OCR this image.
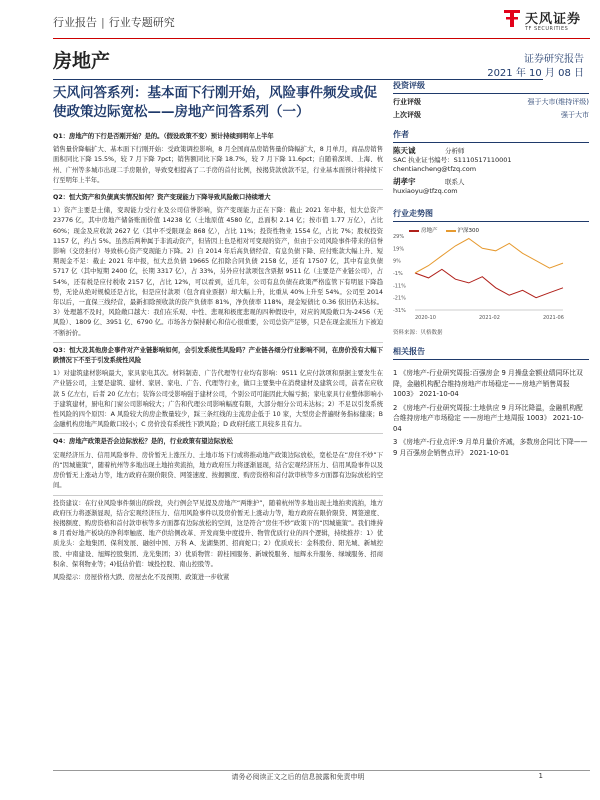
行业报告 | 行业专题研究	天风证券
TF SECURITIES
房地产	证券研究报告
2021 年 10 月 08 日
天风问答系列：基本面下行刚开始，风险事件频发或促使政策边际宽松——房地产问答系列（一）

Q1：房地产的下行是否刚开始？是的。（假设政策不变）预计持续到明年上半年

销售量价降幅扩大、基本面下行刚开始：受政策调控影响，8 月全国商品房销售量价降幅扩大，8 月单月，商品房销售面积同比下降 15.5%，较 7 月下降 7pct；销售额同比下降 18.7%，较 7 月下降 11.6pct；自随着深圳、上海、杭州、广州等多城市出现二手房限价，导致变相提高了二手房的首付比例，按揭贷款放款不足，行业基本面预计将持续下行至明年上半年。

Q2：恒大资产和负债真实情况如何？资产变现能力下降导致风险敞口持续增大

1）资产主要是土储，变现能力受行业及公司信誉影响，资产变现能力正在下降：截止 2021 年中报，恒大总资产 23776 亿，其中房地产储备账面价值 14238 亿（土地原值 4580 亿，总面积 2.14 亿；按市值 1.77 万亿），占比 60%；现金及应收款 2627 亿（其中不受限现金 868 亿），占比 11%；投资性物业 1554 亿，占比 7%；股权投资 1157 亿，约占 5%。虽然后两种属于非流动资产，但皆因上也是相对可变现的资产，但由于公司风险事件带来的信誉影响（交房拒付）导致核心资产变现能力下降。2）自 2014 年后高负债经营、有息负债下降、应付账款大幅上升、短期现金不足：截止 2021 年中报，恒大总负债 19665 亿扣除合同负债 2158 亿，还有 17507 亿，其中有息负债 5717 亿（其中短期 2400 亿，长期 3317 亿），占 33%，另外应付款项包含票据 9511 亿（主要是产业链公司），占 54%，还有税是应付税收 2157 亿，占比 12%，可以看到，近几年，公司有息负债在政策严格监管下有明显下降趋势，无论从绝对规模还是占比，但是应付款项（包含商业票据）却大幅上升，比重从 40%上升至 54%。公司至 2014 年以后，一直保三线经营，最新扣除预收款的资产负债率 81%，净负债率 118%，现金短债比 0.36 依旧仍未达标。3）处理越不及时，风险敞口越大：我们在乐观、中性、悲观和极度悲观的四种假设中，对应的风险敞口为-2456（无风险）、1809 亿、3951 亿、6790 亿。市场各方保持耐心和信心很重要，公司总资产足够，只是在现金流压力下被迫不断折价。

Q3：恒大及其他房企事件对产业链影响如何，会引发系统性风险吗？产业链各细分行业影响不同，在房价没有大幅下跌情况下不至于引发系统性风险

1）对建筑建材影响最大，家具家电其次。材料制造、广告代理等行业均有影响：9511 亿应付款项和票据主要发生在产业链公司，主要是建筑、建材、家居、家电、广告、代理等行业，做口主要集中在消费建材及建筑公司，前者在应收款 5 亿左右，后者 20 亿左右；装饰公司受影响强于建材公司，个别公司可能因此大幅亏损；家电家具行业整体影响小于建筑建材，厨电和门窗公司影响较大；广告和代理公司影响幅度有限，大部分细分公司未达标；2）不足以引发系统性风险的四个原因：A 风险较大的房企数量较少，踩三条红线的主流房企低于 10 家，大型房企普遍财务指标健康；B 金融机构房地产风险敞口较小；C 房价没有系统性下跌风险；D 政府托底工具较多且有力。

Q4：房地产政策是否会边际放松？是的，行业政策有望边际放松

宏观经济压力、信用风险事件、房价暂无上涨压力、土地市场下行或将推动地产政策边际放松，宽松是在“房住不炒”下的“因城施策”，随着杭州等多地出现土地拍卖流拍，地方政府压力将逐渐显现，结合宏观经济压力、信用风险事件以及房价暂无上涨动力等，地方政府在限价限贷、网签速度、按揭额度、购房资格和首付款审核等多方面都有边际放松的空间。

投资建议：在行业风险事件频出的阶段，央行例会罕见提及房地产“两维护”，随着杭州等多地出现土地拍卖流拍，地方政府压力将逐渐显现，结合宏观经济压力、信用风险事件以及房价暂无上涨动力等，地方政府在限价限贷、网签速度、按揭额度、购房资格和首付款审核等多方面都有边际放松的空间，这是符合“房住不炒”政策下的“因城施策”。我们维持 8 月看好地产板块的净利率触底、地产供给侧改革、开发商集中度提升、物管优质行业的四个逻辑，持续推荐：1）优质龙头：金地集团、保利发展、融创中国、万科 A、龙湖集团、招商蛇口；2）优质成长：金科股份、阳光城、新城控股、中南建设、旭辉控股集团、龙光集团；3）优质物管：碧桂园服务、新城悦服务、旭辉永升服务、绿城服务、招商积余、保利物业等；4)低估价值：城投控股、南山控股等。

风险提示：房屋价格大跌、房屋去化不及预期、政策进一步收紧

投资评级
行业评级	强于大市(维持评级)
上次评级	强于大市
作者
陈天诚	分析师
SAC 执业证书编号：S1110517110001
chentiancheng@tfzq.com
胡孝宇	联系人
huxiaoyu@tfzq.com
行业走势图
房地产	沪深300
29%
19%
9%
-1%
-11%
-21%
-31%
2020-10	2021-02	2021-06
资料来源：贝格数据
相关报告
1 《房地产-行业研究周报:百强房企 9 月操盘金额业绩同环比双降，金融机构配合维持房地产市场稳定——房地产销售周报 1003》 2021-10-04
2 《房地产-行业研究周报:土地供应 9 月环比降温，金融机构配合维持房地产市场稳定 ——房地产土地周报 1003》 2021-10-04
3 《房地产-行业点评:9 月单月量价齐减，多数房企同比下降——9 月百强房企销售点评》 2021-10-01
请务必阅读正文之后的信息披露和免责申明	1
